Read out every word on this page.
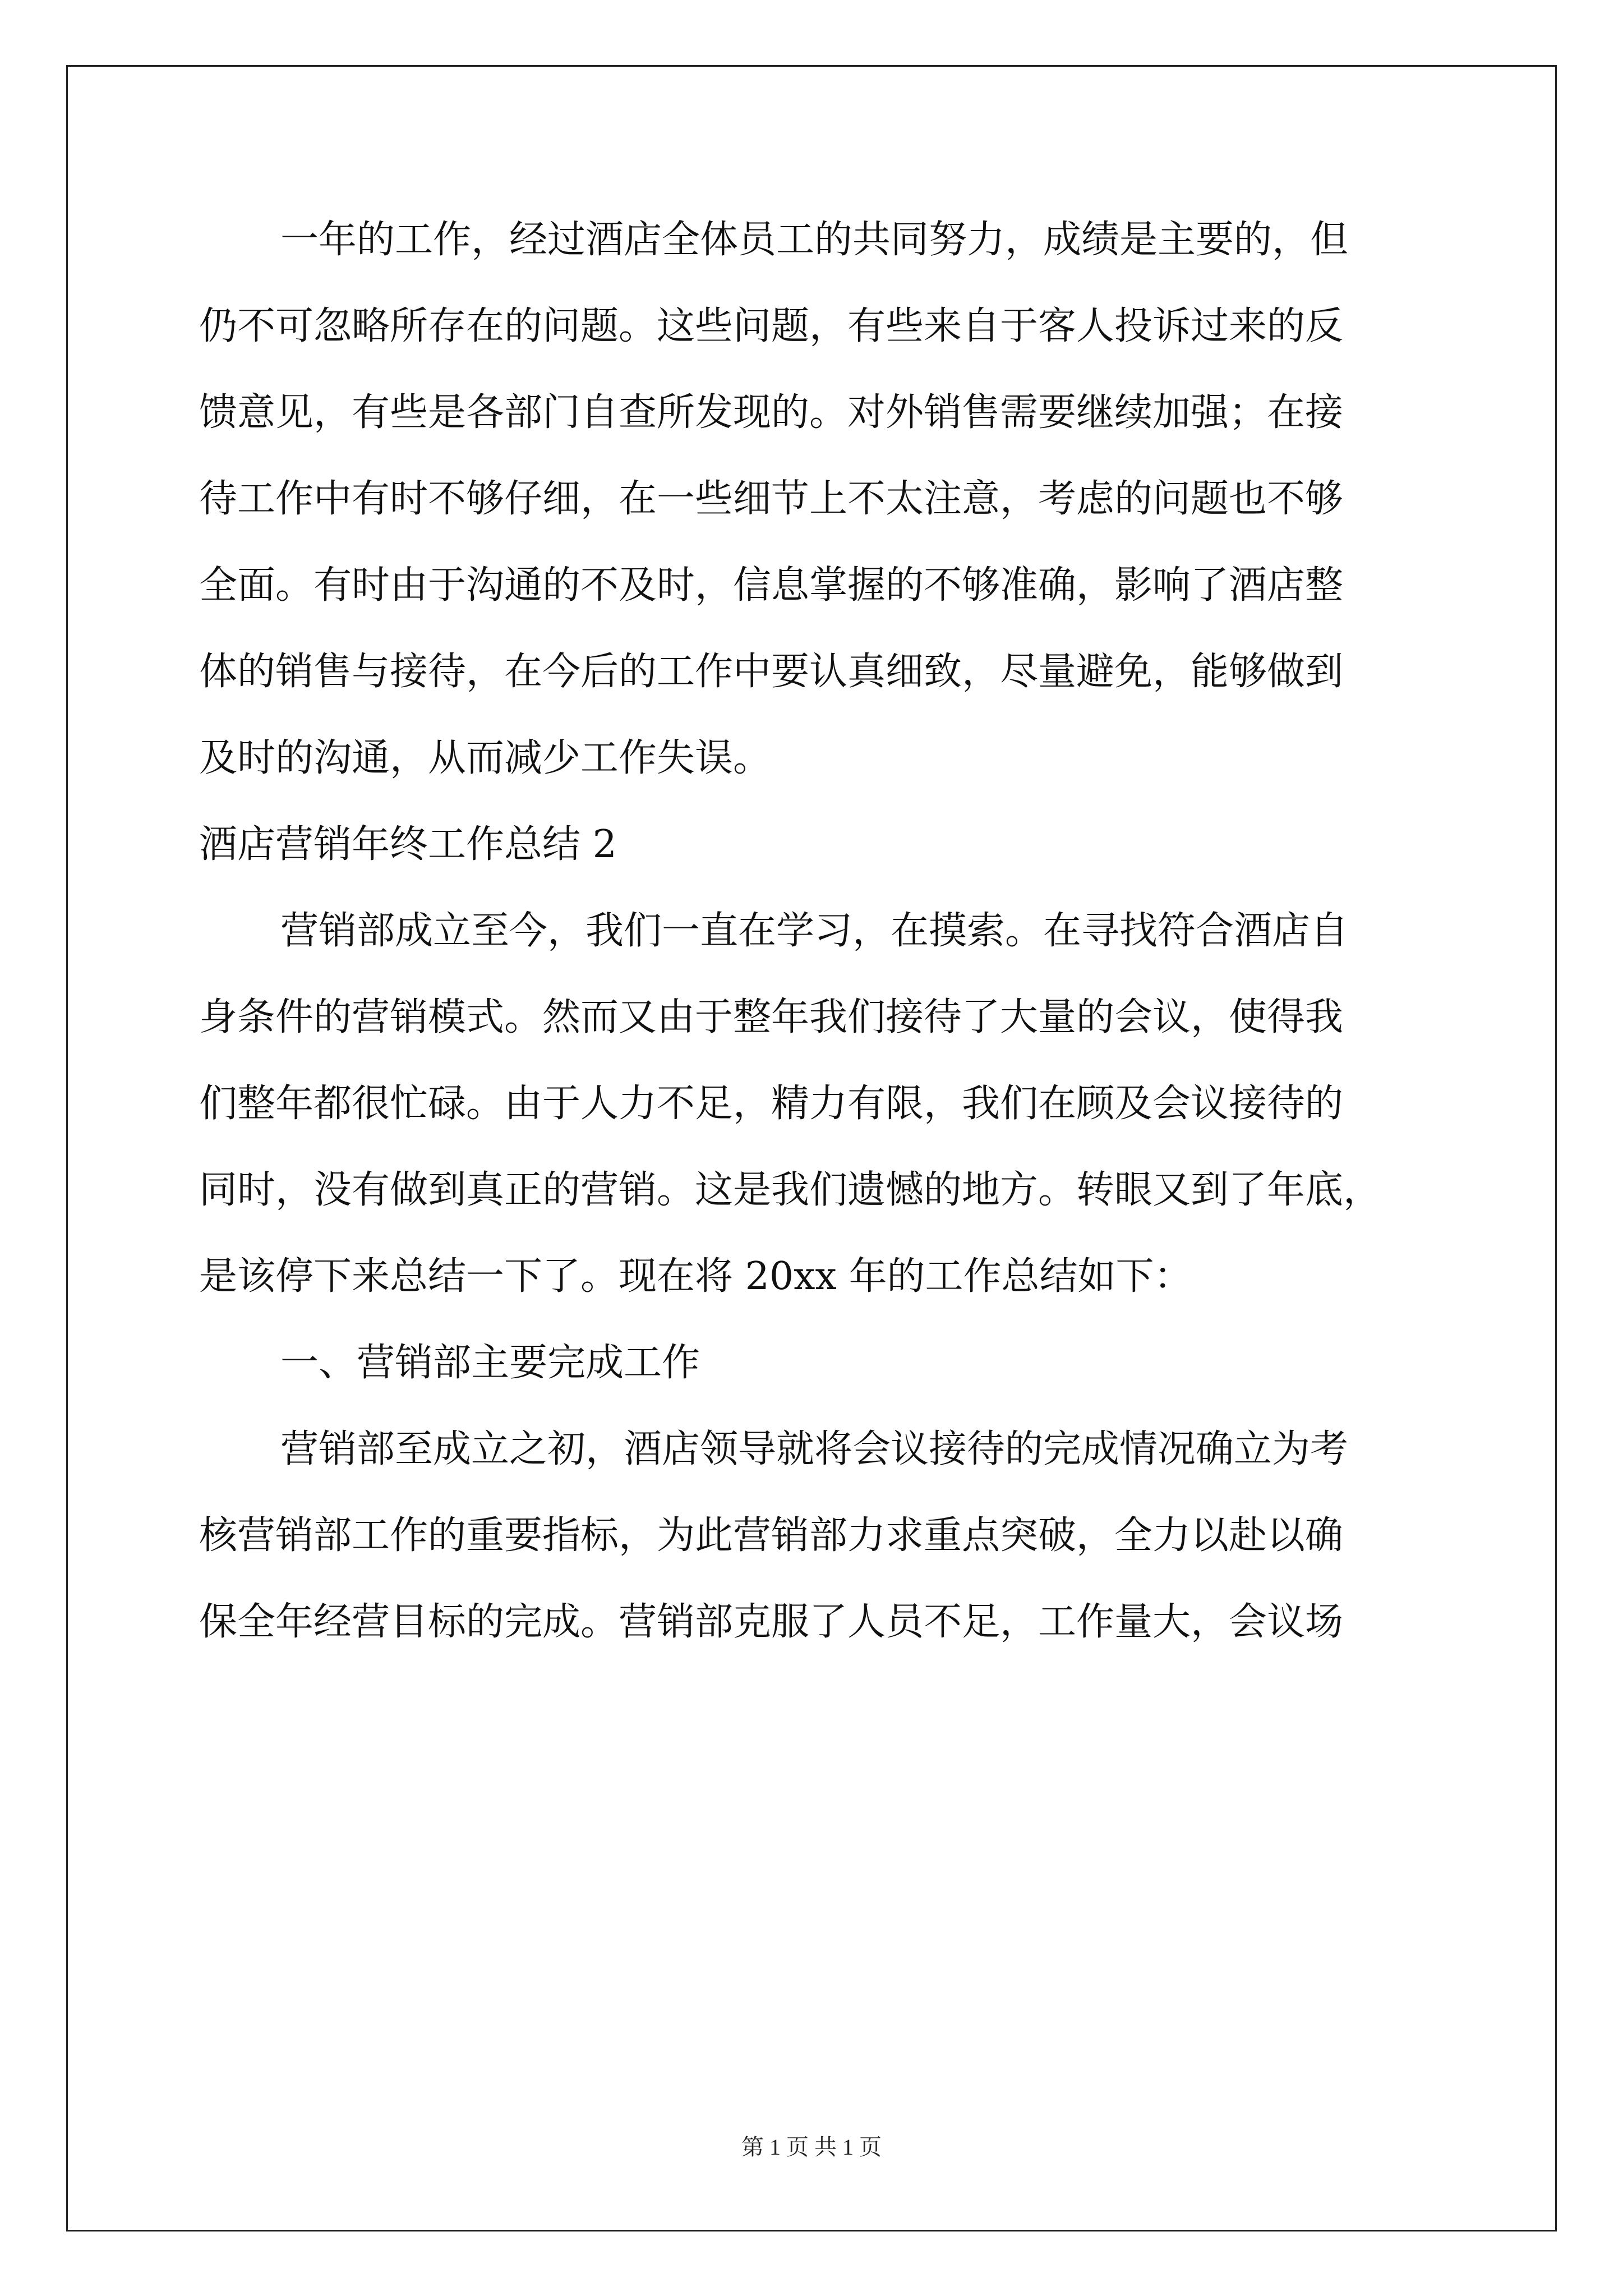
一年的工作，经过酒店全体员工的共同努力，成绩是主要的，但
仍不可忽略所存在的问题。这些问题，有些来自于客人投诉过来的反
馈意见，有些是各部门自查所发现的。对外销售需要继续加强；在接
待工作中有时不够仔细，在一些细节上不太注意，考虑的问题也不够
全面。有时由于沟通的不及时，信息掌握的不够准确，影响了酒店整
体的销售与接待，在今后的工作中要认真细致，尽量避免，能够做到
及时的沟通，从而减少工作失误。
酒店营销年终工作总结 2
营销部成立至今，我们一直在学习，在摸索。在寻找符合酒店自
身条件的营销模式。然而又由于整年我们接待了大量的会议，使得我
们整年都很忙碌。由于人力不足，精力有限，我们在顾及会议接待的
同时，没有做到真正的营销。这是我们遗憾的地方。转眼又到了年底，
是该停下来总结一下了。现在将 20xx 年的工作总结如下：
一、营销部主要完成工作
营销部至成立之初，酒店领导就将会议接待的完成情况确立为考
核营销部工作的重要指标，为此营销部力求重点突破，全力以赴以确
保全年经营目标的完成。营销部克服了人员不足，工作量大，会议场
第 1 页 共 1 页
